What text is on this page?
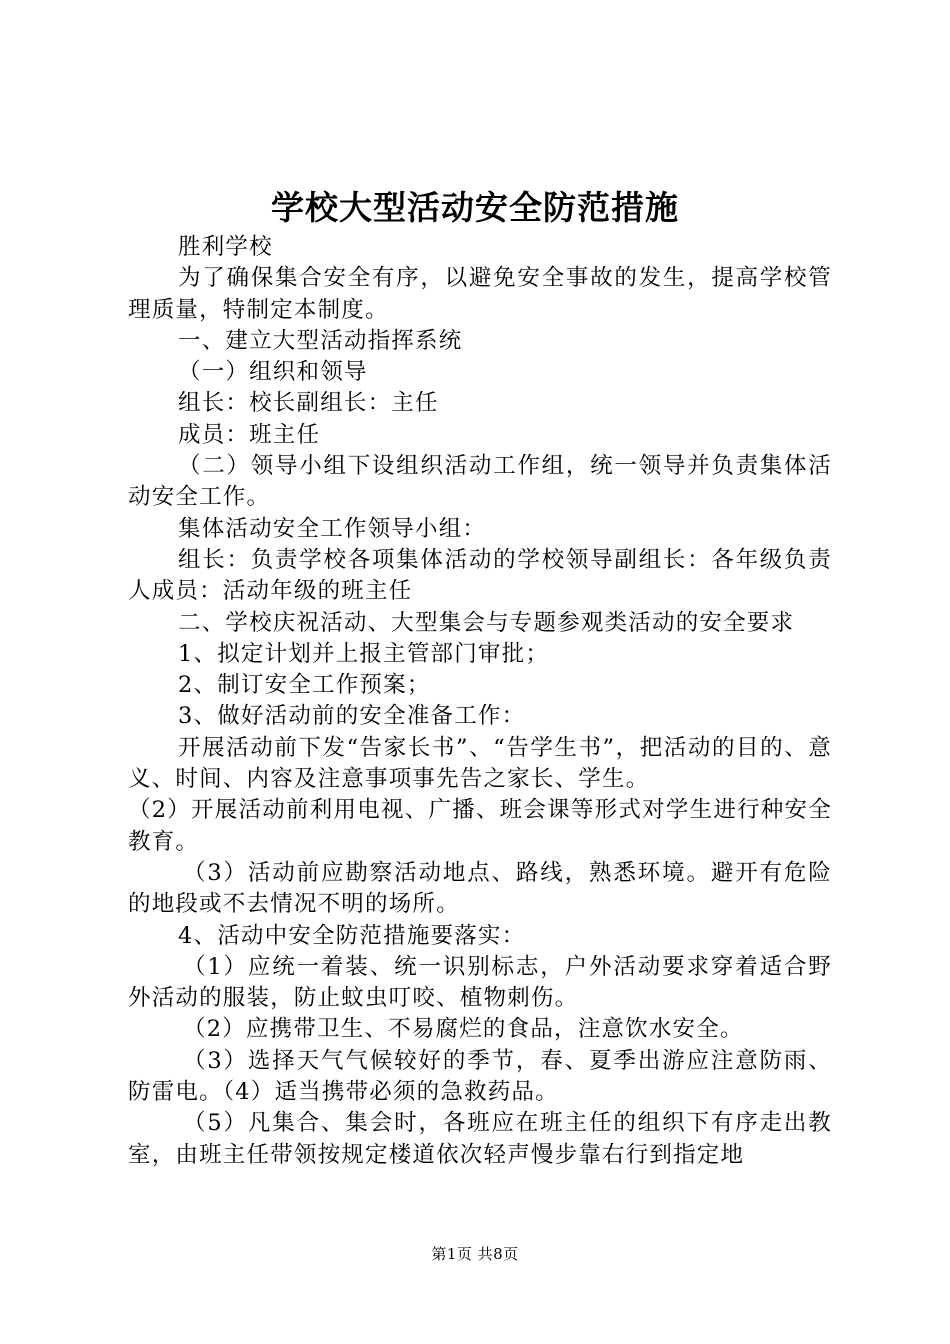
学校大型活动安全防范措施

胜利学校

为了确保集合安全有序，以避免安全事故的发生，提高学校管理质量，特制定本制度。

一、建立大型活动指挥系统

（一）组织和领导

组长：校长副组长：主任

成员：班主任

（二）领导小组下设组织活动工作组，统一领导并负责集体活动安全工作。

集体活动安全工作领导小组：

组长：负责学校各项集体活动的学校领导副组长：各年级负责人成员：活动年级的班主任

二、学校庆祝活动、大型集会与专题参观类活动的安全要求

1、拟定计划并上报主管部门审批；

2、制订安全工作预案；

3、做好活动前的安全准备工作：

开展活动前下发“告家长书”、“告学生书”，把活动的目的、意义、时间、内容及注意事项事先告之家长、学生。

（2）开展活动前利用电视、广播、班会课等形式对学生进行种安全教育。

（3）活动前应勘察活动地点、路线，熟悉环境。避开有危险的地段或不去情况不明的场所。

4、活动中安全防范措施要落实：

（1）应统一着装、统一识别标志，户外活动要求穿着适合野外活动的服装，防止蚊虫叮咬、植物刺伤。

（2）应携带卫生、不易腐烂的食品，注意饮水安全。

（3）选择天气气候较好的季节，春、夏季出游应注意防雨、防雷电。（4）适当携带必须的急救药品。

（5）凡集合、集会时，各班应在班主任的组织下有序走出教室，由班主任带领按规定楼道依次轻声慢步靠右行到指定地

第1页 共8页
